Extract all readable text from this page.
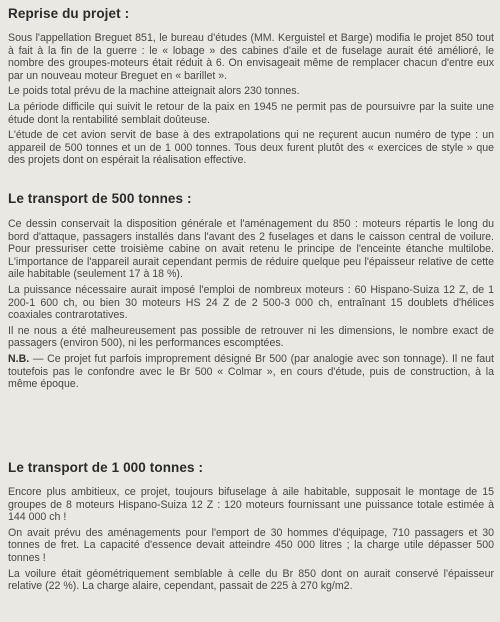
Reprise du projet :

Sous l'appellation Breguet 851, le bureau d'études (MM. Kerguistel et Barge) modifia le projet 850 tout à fait à la fin de la guerre : le « lobage » des cabines d'aile et de fuselage aurait été amélioré, le nombre des groupes-moteurs était réduit à 6. On envisageait même de remplacer chacun d'entre eux par un nouveau moteur Breguet en « barillet ».

Le poids total prévu de la machine atteignait alors 230 tonnes.

La période difficile qui suivit le retour de la paix en 1945 ne permit pas de poursuivre par la suite une étude dont la rentabilité semblait doûteuse.

L'étude de cet avion servit de base à des extrapolations qui ne reçurent aucun numéro de type : un appareil de 500 tonnes et un de 1 000 tonnes. Tous deux furent plutôt des « exercices de style » que des projets dont on espérait la réalisation effective.

Le transport de 500 tonnes :

Ce dessin conservait la disposition générale et l'aménagement du 850 : moteurs répartis le long du bord d'attaque, passagers installés dans l'avant des 2 fuselages et dans le caisson central de voilure. Pour pressuriser cette troisième cabine on avait retenu le principe de l'enceinte étanche multilobe. L'importance de l'appareil aurait cependant permis de réduire quelque peu l'épaisseur relative de cette aile habitable (seulement 17 à 18 %).

La puissance nécessaire aurait imposé l'emploi de nombreux moteurs : 60 Hispano-Suiza 12 Z, de 1 200-1 600 ch, ou bien 30 moteurs HS 24 Z de 2 500-3 000 ch, entraînant 15 doublets d'hélices coaxiales contrarotatives.

Il ne nous a été malheureusement pas possible de retrouver ni les dimensions, le nombre exact de passagers (environ 500), ni les performances escomptées.

N.B. — Ce projet fut parfois improprement désigné Br 500 (par analogie avec son tonnage). Il ne faut toutefois pas le confondre avec le Br 500 « Colmar », en cours d'étude, puis de construction, à la même époque.

Le transport de 1 000 tonnes :

Encore plus ambitieux, ce projet, toujours bifuselage à aile habitable, supposait le montage de 15 groupes de 8 moteurs Hispano-Suiza 12 Z : 120 moteurs fournissant une puissance totale estimée à 144 000 ch !

On avait prévu des aménagements pour l'emport de 30 hommes d'équipage, 710 passagers et 30 tonnes de fret. La capacité d'essence devait atteindre 450 000 litres ; la charge utile dépasser 500 tonnes !

La voilure était géométriquement semblable à celle du Br 850 dont on aurait conservé l'épaisseur relative (22 %). La charge alaire, cependant, passait de 225 à 270 kg/m2.
